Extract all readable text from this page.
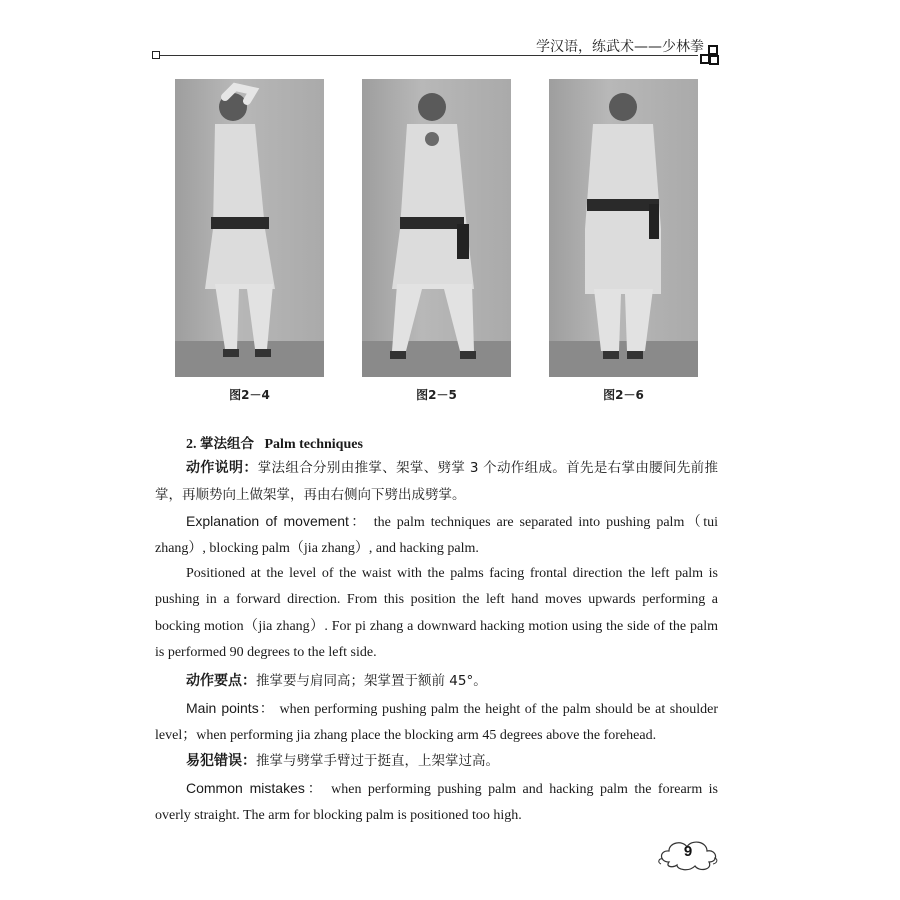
学汉语，练武术——少林拳
图2－4	图2－5	图2－6
2. 掌法组合 Palm techniques

动作说明：掌法组合分别由推掌、架掌、劈掌 3 个动作组成。首先是右掌由腰间先前推掌，再顺势向上做架掌，再由右侧向下劈出成劈掌。

Explanation of movement： the palm techniques are separated into pushing palm（tui zhang）, blocking palm（jia zhang）, and hacking palm.

Positioned at the level of the waist with the palms facing frontal direction the left palm is pushing in a forward direction. From this position the left hand moves upwards performing a bocking motion（jia zhang）. For pi zhang a downward hacking motion using the side of the palm is performed 90 degrees to the left side.

动作要点：推掌要与肩同高；架掌置于额前 45°。

Main points： when performing pushing palm the height of the palm should be at shoulder level；when performing jia zhang place the blocking arm 45 degrees above the forehead.

易犯错误：推掌与劈掌手臂过于挺直，上架掌过高。

Common mistakes： when performing pushing palm and hacking palm the forearm is overly straight. The arm for blocking palm is positioned too high.

9
